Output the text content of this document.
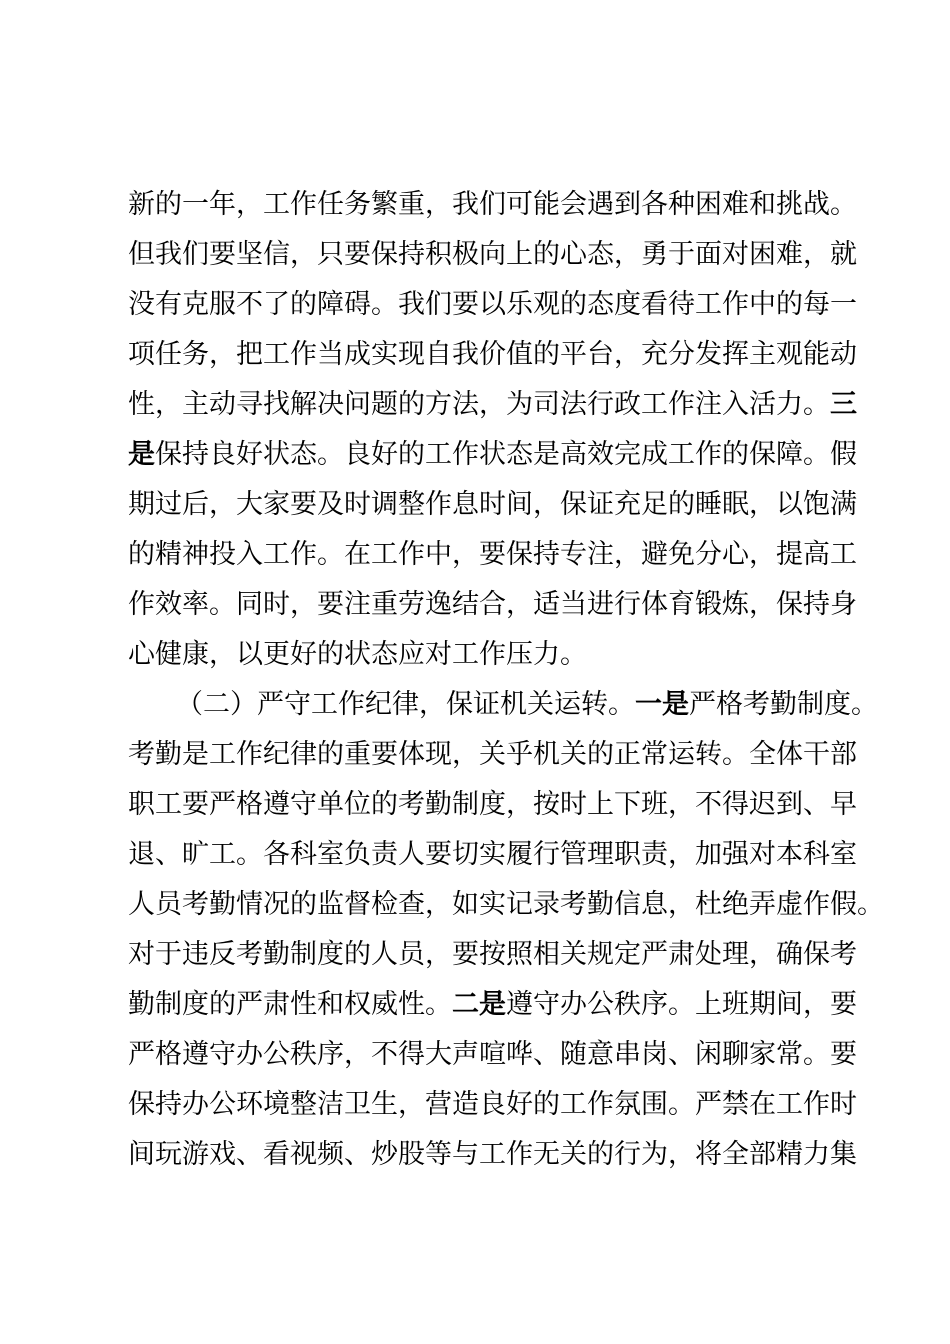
新的一年，工作任务繁重，我们可能会遇到各种困难和挑战。
但我们要坚信，只要保持积极向上的心态，勇于面对困难，就
没有克服不了的障碍。我们要以乐观的态度看待工作中的每一
项任务，把工作当成实现自我价值的平台，充分发挥主观能动
性，主动寻找解决问题的方法，为司法行政工作注入活力。三
是保持良好状态。良好的工作状态是高效完成工作的保障。假
期过后，大家要及时调整作息时间，保证充足的睡眠，以饱满
的精神投入工作。在工作中，要保持专注，避免分心，提高工
作效率。同时，要注重劳逸结合，适当进行体育锻炼，保持身
心健康，以更好的状态应对工作压力。
（二）严守工作纪律，保证机关运转。一是严格考勤制度。
考勤是工作纪律的重要体现，关乎机关的正常运转。全体干部
职工要严格遵守单位的考勤制度，按时上下班，不得迟到、早
退、旷工。各科室负责人要切实履行管理职责，加强对本科室
人员考勤情况的监督检查，如实记录考勤信息，杜绝弄虚作假。
对于违反考勤制度的人员，要按照相关规定严肃处理，确保考
勤制度的严肃性和权威性。二是遵守办公秩序。上班期间，要
严格遵守办公秩序，不得大声喧哗、随意串岗、闲聊家常。要
保持办公环境整洁卫生，营造良好的工作氛围。严禁在工作时
间玩游戏、看视频、炒股等与工作无关的行为，将全部精力集
